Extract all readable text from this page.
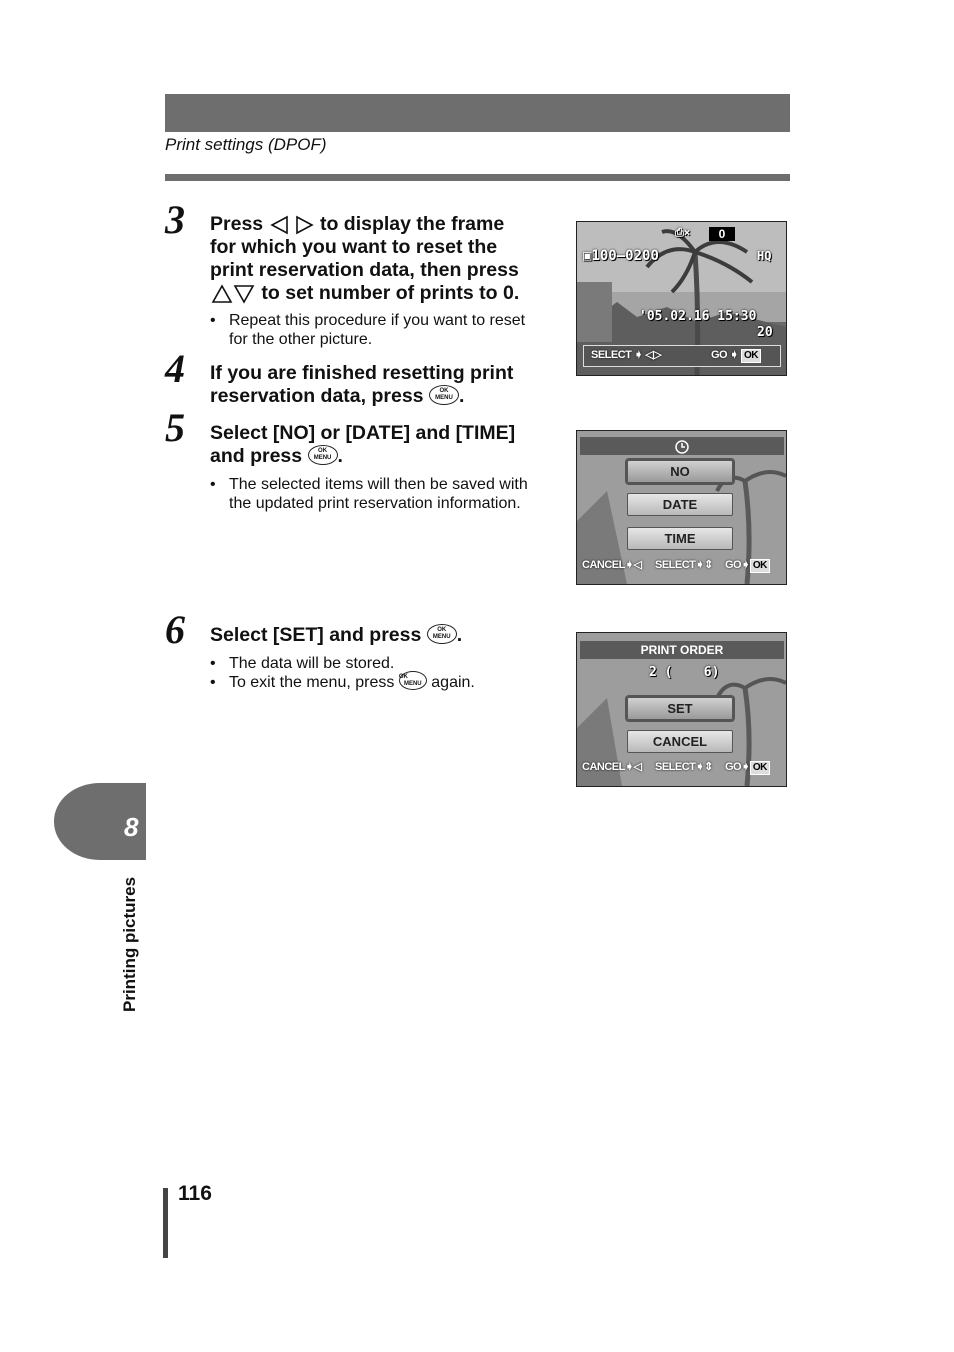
Print settings (DPOF)
3 Press	to display the frame
for which you want to reset the
print reservation data, then press
to set number of prints to 0.
•   Repeat this procedure if you want to reset for the other picture.
4 If you are finished resetting print
reservation data, press	OK
MENU .
5 Select [NO] or [DATE] and [TIME]
and press	OK
MENU .
•   The selected items will then be saved with the updated print reservation information.
6 Select [SET] and press	OK
MENU .
•   The data will be stored.
•   To exit the menu, press OK
MENU again.
⎙×	0
▣100–0200	HQ
'05.02.16 15:30
20
SELECT ➧ ◁▷	GO ➧ OK
NO
DATE
TIME
CANCEL➧◁ SELECT➧⇕ GO➧ OK
PRINT ORDER
2 (    6)
SET
CANCEL
CANCEL➧◁ SELECT➧⇕ GO➧ OK
8
Printing pictures
116
